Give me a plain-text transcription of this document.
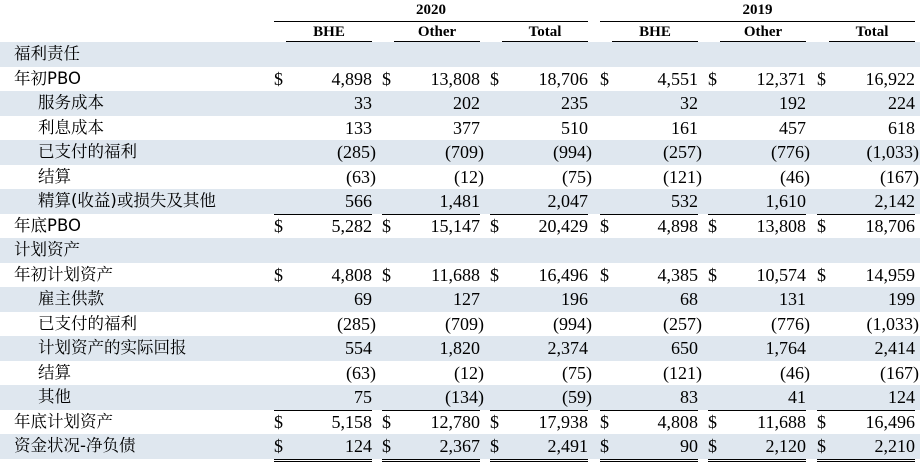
2020
BHE	Other	Total
2019
BHE	Other	Total
福利责任
年初PBO	$	4,898 $ 13,808 $ 18,706 $	4,551 $ 12,371 $ 16,922
服务成本	33	202	235	32	192	224
利息成本	133	377	510	161	457	618
已支付的福利	(285)	(709)	(994)	(257)	(776)	(1,033)
结算	(63)	(12)	(75)	(121)	(46)	(167)
精算(收益)或损失及其他	566	1,481	2,047	532	1,610	2,142
年底PBO	$	5,282 $ 15,147 $ 20,429 $	4,898 $ 13,808 $ 18,706
计划资产
年初计划资产	$	4,808 $ 11,688 $ 16,496 $	4,385 $ 10,574 $ 14,959
雇主供款	69	127	196	68	131	199
已支付的福利	(285)	(709)	(994)	(257)	(776)	(1,033)
计划资产的实际回报	554	1,820	2,374	650	1,764	2,414
结算	(63)	(12)	(75)	(121)	(46)	(167)
其他	75	(134)	(59)	83	41	124
年底计划资产	$	5,158 $ 12,780 $ 17,938 $	4,808 $ 11,688 $ 16,496
资金状况-净负债	$	124 $	2,367 $	2,491 $	90 $	2,120 $	2,210
